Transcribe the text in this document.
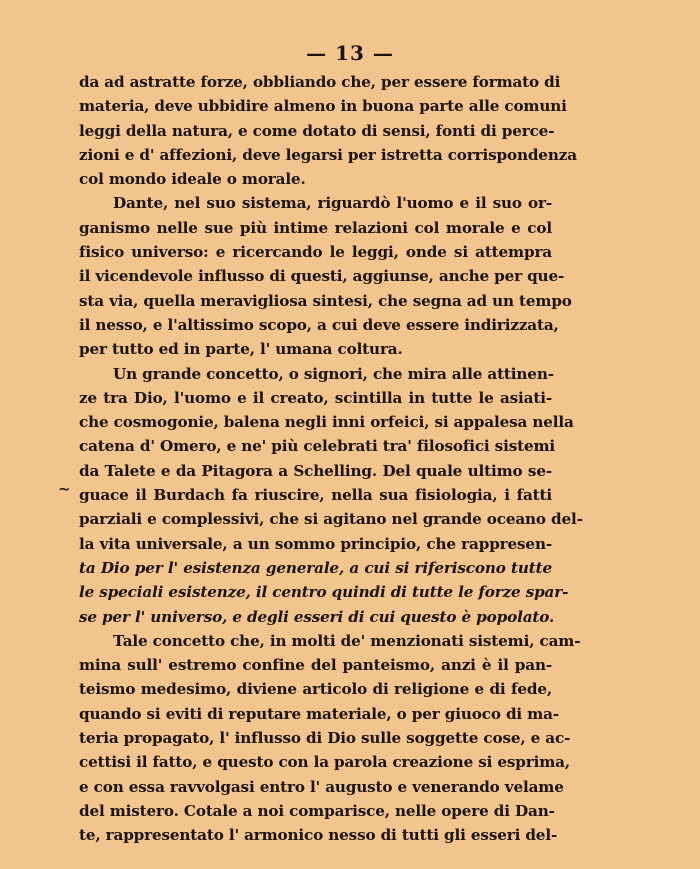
— 13 —
~
da ad astratte forze, obbliando che, per essere formato di
materia, deve ubbidire almeno in buona parte alle comuni
leggi della natura, e come dotato di sensi, fonti di perce-
zioni e d' affezioni, deve legarsi per istretta corrispondenza
col mondo ideale o morale.
Dante, nel suo sistema, riguardò l'uomo e il suo or-
ganismo nelle sue più intime relazioni col morale e col
fisico universo: e ricercando le leggi, onde si attempra
il vicendevole influsso di questi, aggiunse, anche per que-
sta via, quella meravigliosa sintesi, che segna ad un tempo
il nesso, e l'altissimo scopo, a cui deve essere indirizzata,
per tutto ed in parte, l' umana coltura.
Un grande concetto, o signori, che mira alle attinen-
ze tra Dio, l'uomo e il creato, scintilla in tutte le asiati-
che cosmogonie, balena negli inni orfeici, si appalesa nella
catena d' Omero, e ne' più celebrati tra' filosofici sistemi
da Talete e da Pitagora a Schelling. Del quale ultimo se-
guace il Burdach fa riuscire, nella sua fisiologia, i fatti
parziali e complessivi, che si agitano nel grande oceano del-
la vita universale, a un sommo principio, che rappresen-
ta Dio per l' esistenza generale, a cui si riferiscono tutte
le speciali esistenze, il centro quindi di tutte le forze spar-
se per l' universo, e degli esseri di cui questo è popolato.
Tale concetto che, in molti de' menzionati sistemi, cam-
mina sull' estremo confine del panteismo, anzi è il pan-
teismo medesimo, diviene articolo di religione e di fede,
quando si eviti di reputare materiale, o per giuoco di ma-
teria propagato, l' influsso di Dio sulle soggette cose, e ac-
cettisi il fatto, e questo con la parola creazione si esprima,
e con essa ravvolgasi entro l' augusto e venerando velame
del mistero. Cotale a noi comparisce, nelle opere di Dan-
te, rappresentato l' armonico nesso di tutti gli esseri del-
